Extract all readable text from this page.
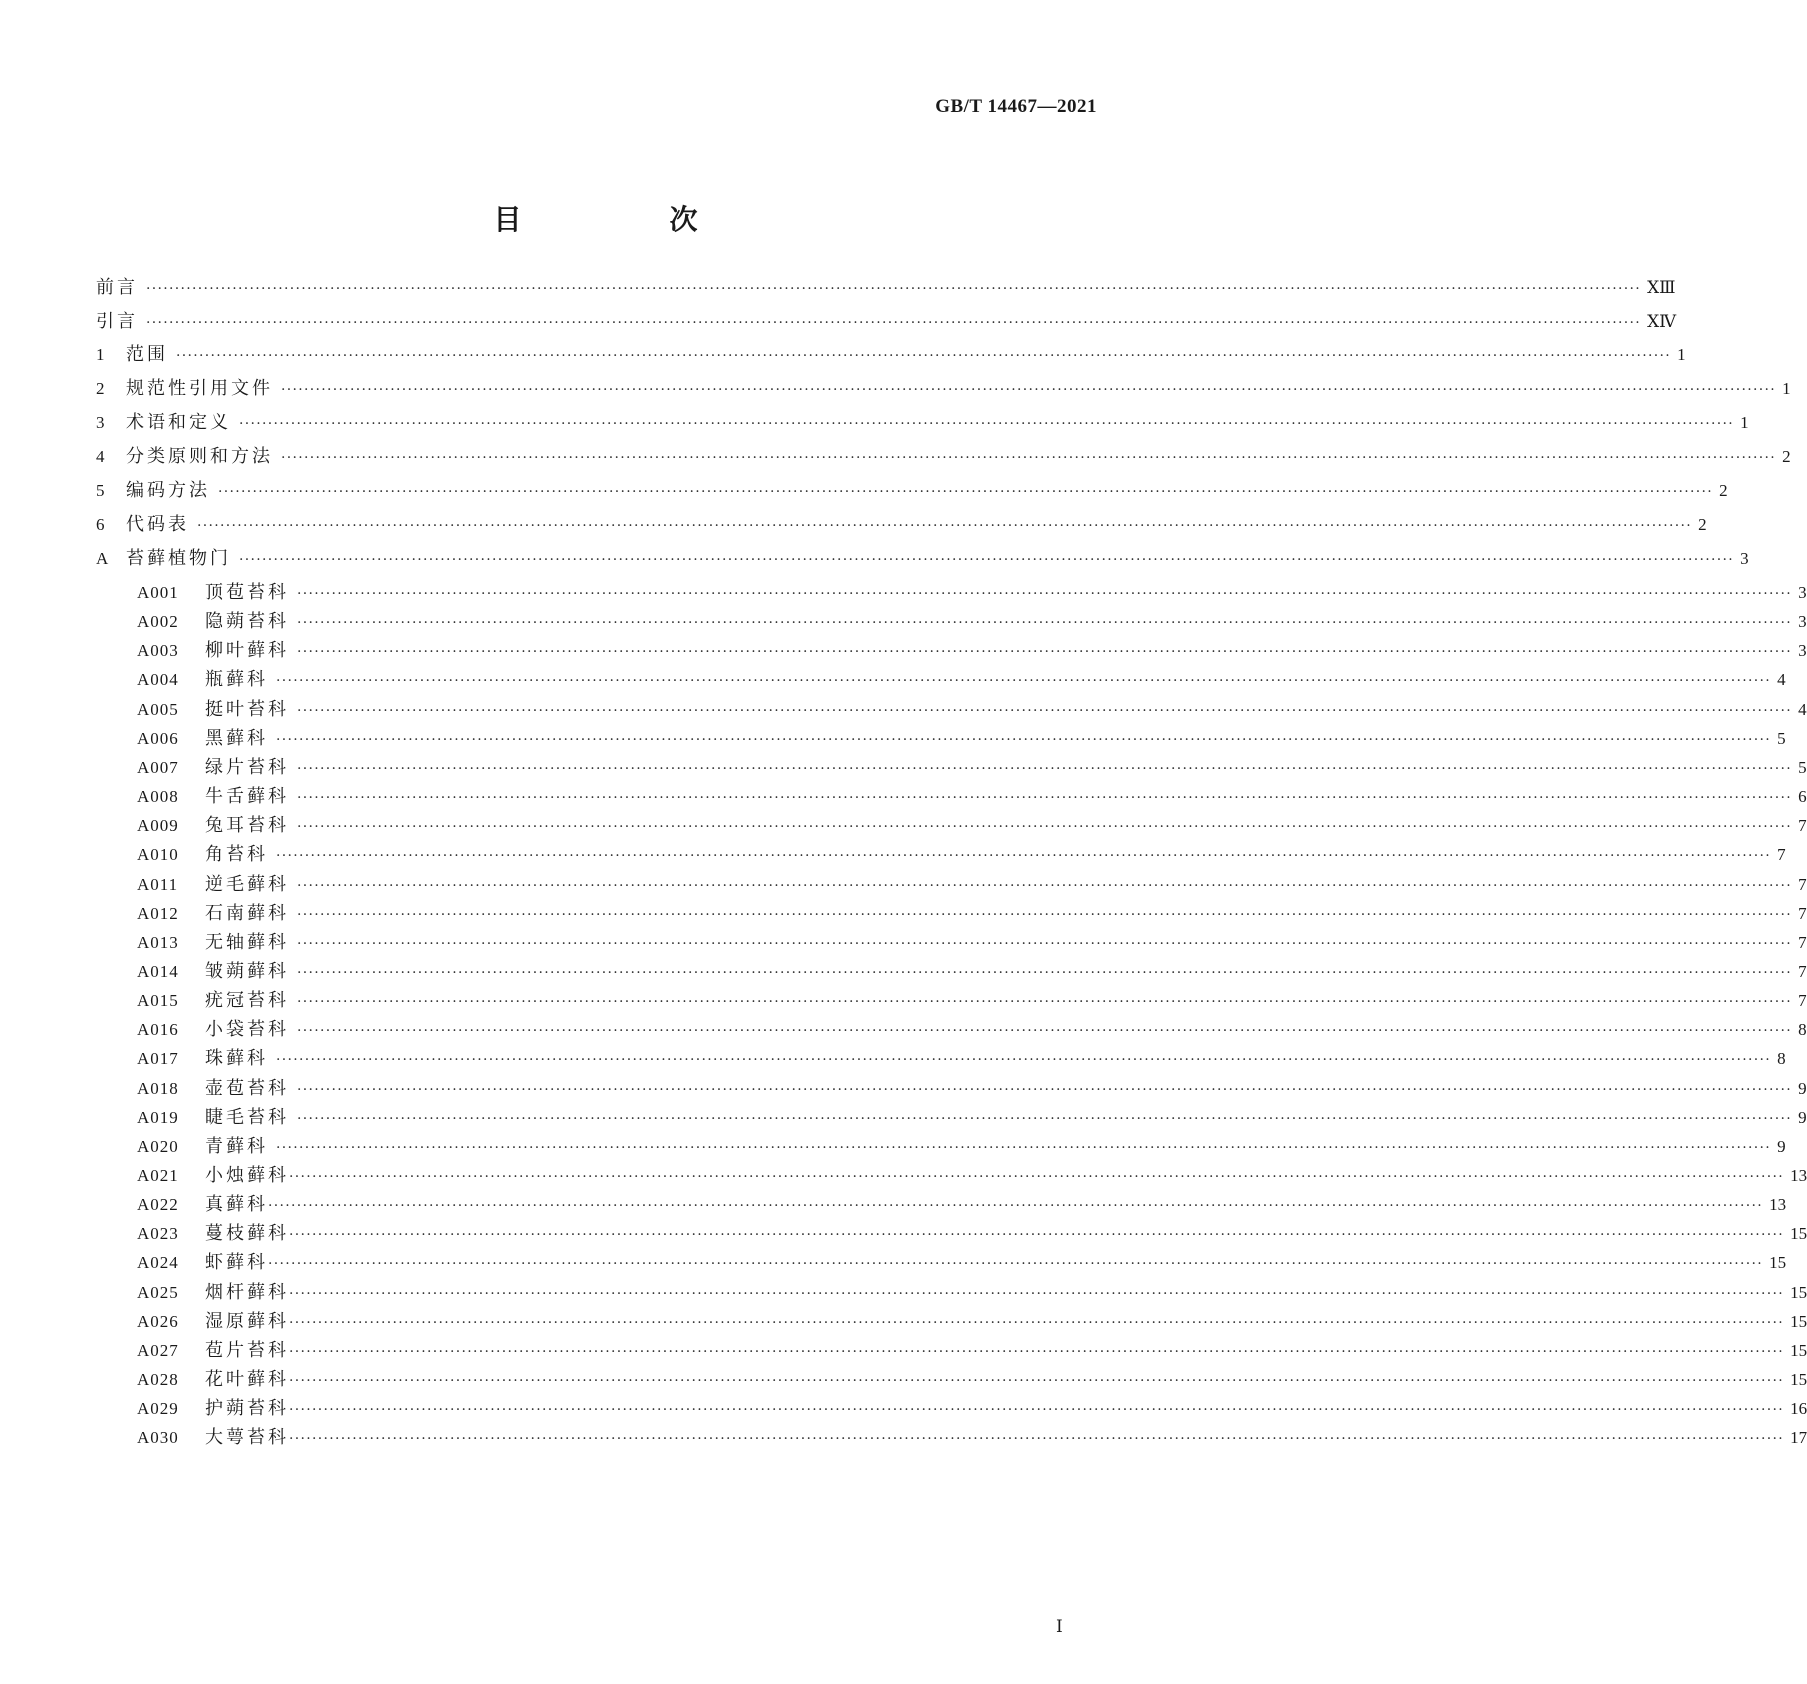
GB/T 14467—2021
目　次
前言 ···································································································································································································································································· ⅩⅢ
引言 ···································································································································································································································································· ⅩⅣ
1	范围 ···································································································································································································································································· 1
2	规范性引用文件 ···································································································································································································································································· 1
3	术语和定义 ···································································································································································································································································· 1
4	分类原则和方法 ···································································································································································································································································· 2
5	编码方法 ···································································································································································································································································· 2
6	代码表 ···································································································································································································································································· 2
A 苔藓植物门 ···································································································································································································································································· 3
A001	顶苞苔科 ···································································································································································································································································· 3
A002	隐蒴苔科 ···································································································································································································································································· 3
A003	柳叶藓科 ···································································································································································································································································· 3
A004	瓶藓科 ···································································································································································································································································· 4
A005	挺叶苔科 ···································································································································································································································································· 4
A006	黑藓科 ···································································································································································································································································· 5
A007	绿片苔科 ···································································································································································································································································· 5
A008	牛舌藓科 ···································································································································································································································································· 6
A009	兔耳苔科 ···································································································································································································································································· 7
A010	角苔科 ···································································································································································································································································· 7
A011	逆毛藓科 ···································································································································································································································································· 7
A012	石南藓科 ···································································································································································································································································· 7
A013	无轴藓科 ···································································································································································································································································· 7
A014	皱蒴藓科 ···································································································································································································································································· 7
A015	疣冠苔科 ···································································································································································································································································· 7
A016	小袋苔科 ···································································································································································································································································· 8
A017	珠藓科 ···································································································································································································································································· 8
A018	壶苞苔科 ···································································································································································································································································· 9
A019	睫毛苔科 ···································································································································································································································································· 9
A020	青藓科 ···································································································································································································································································· 9
A021	小烛藓科 ···································································································································································································································································· 13
A022	真藓科 ···································································································································································································································································· 13
A023	蔓枝藓科 ···································································································································································································································································· 15
A024	虾藓科 ···································································································································································································································································· 15
A025	烟杆藓科 ···································································································································································································································································· 15
A026	湿原藓科 ···································································································································································································································································· 15
A027	苞片苔科 ···································································································································································································································································· 15
A028	花叶藓科 ···································································································································································································································································· 15
A029	护蒴苔科 ···································································································································································································································································· 16
A030	大萼苔科 ···································································································································································································································································· 17
Ⅰ
